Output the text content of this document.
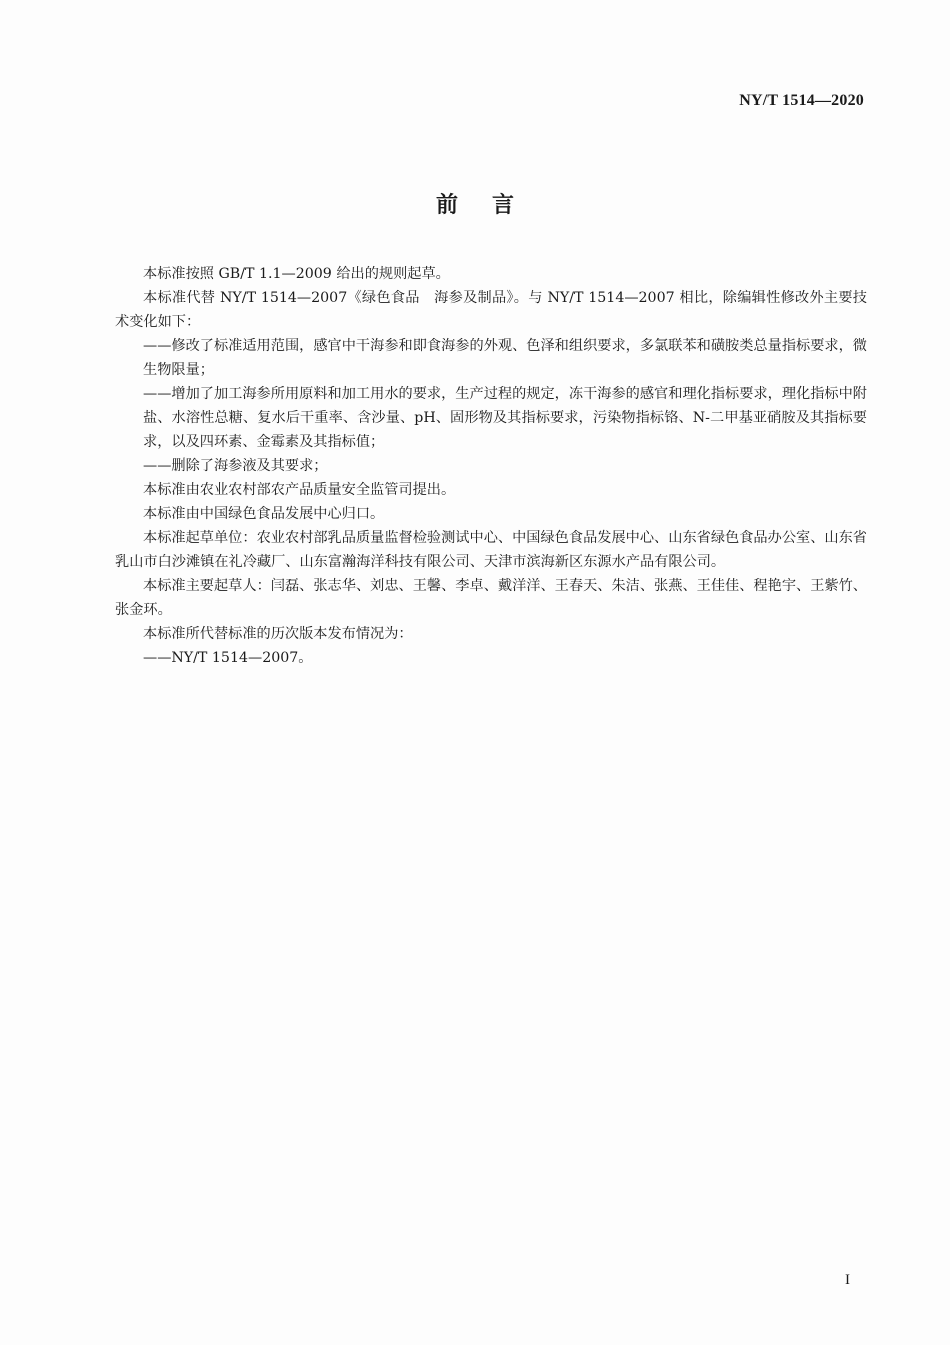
NY/T 1514—2020
前言

本标准按照 GB/T 1.1—2009 给出的规则起草。

本标准代替 NY/T 1514—2007《绿色食品　海参及制品》。与 NY/T 1514—2007 相比，除编辑性修改外主要技术变化如下：

——修改了标准适用范围，感官中干海参和即食海参的外观、色泽和组织要求，多氯联苯和磺胺类总量指标要求，微生物限量；

——增加了加工海参所用原料和加工用水的要求，生产过程的规定，冻干海参的感官和理化指标要求，理化指标中附盐、水溶性总糖、复水后干重率、含沙量、pH、固形物及其指标要求，污染物指标铬、N-二甲基亚硝胺及其指标要求，以及四环素、金霉素及其指标值；

——删除了海参液及其要求；

本标准由农业农村部农产品质量安全监管司提出。

本标准由中国绿色食品发展中心归口。

本标准起草单位：农业农村部乳品质量监督检验测试中心、中国绿色食品发展中心、山东省绿色食品办公室、山东省乳山市白沙滩镇在礼冷藏厂、山东富瀚海洋科技有限公司、天津市滨海新区东源水产品有限公司。

本标准主要起草人：闫磊、张志华、刘忠、王馨、李卓、戴洋洋、王春天、朱洁、张燕、王佳佳、程艳宇、王紫竹、张金环。

本标准所代替标准的历次版本发布情况为：

——NY/T 1514—2007。

I
